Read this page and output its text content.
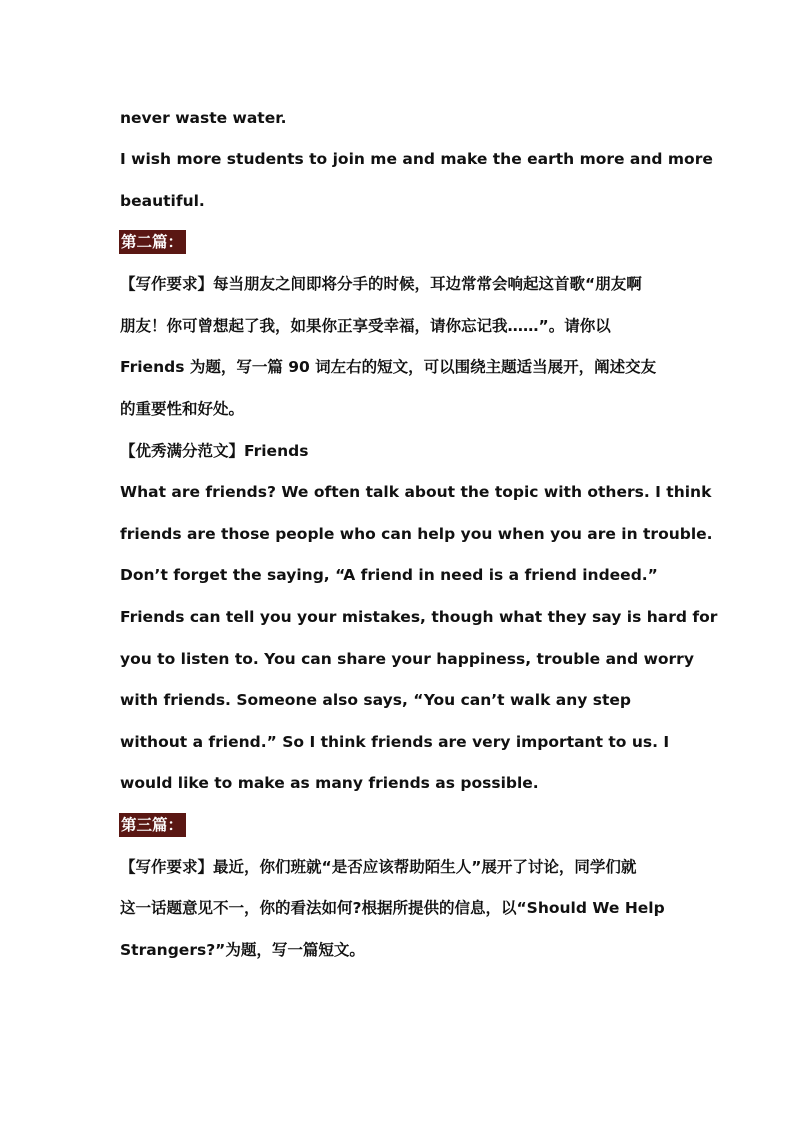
never waste water.
I wish more students to join me and make the earth more and more
beautiful.
第二篇：
【写作要求】每当朋友之间即将分手的时候，耳边常常会响起这首歌“朋友啊
朋友！你可曾想起了我，如果你正享受幸福，请你忘记我……”。请你以
Friends 为题，写一篇 90 词左右的短文，可以围绕主题适当展开，阐述交友
的重要性和好处。
【优秀满分范文】Friends
What are friends? We often talk about the topic with others. I think
friends are those people who can help you when you are in trouble.
Don’t forget the saying, “A friend in need is a friend indeed.”
Friends can tell you your mistakes, though what they say is hard for
you to listen to. You can share your happiness, trouble and worry
with friends. Someone also says, “You can’t walk any step
without a friend.” So I think friends are very important to us. I
would like to make as many friends as possible.
第三篇：
【写作要求】最近，你们班就“是否应该帮助陌生人”展开了讨论，同学们就
这一话题意见不一，你的看法如何?根据所提供的信息，以“Should We Help
Strangers?”为题，写一篇短文。
